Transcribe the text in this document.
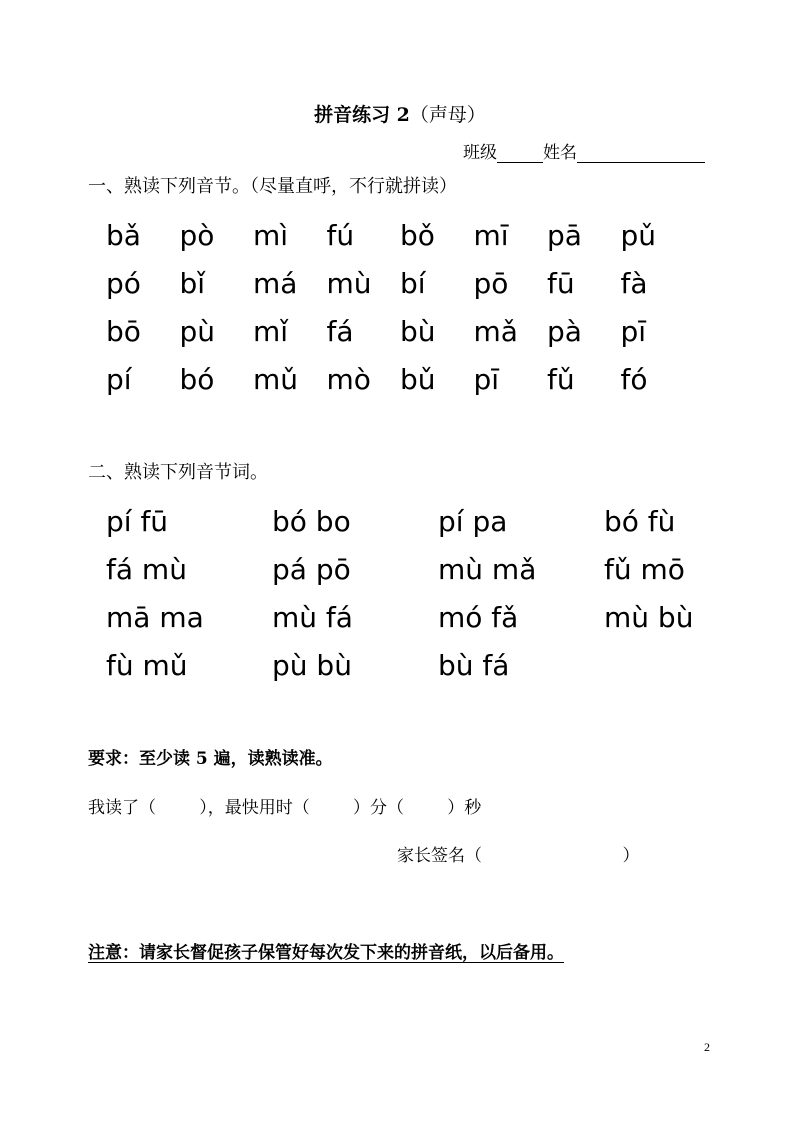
拼音练习 2（声母）
班级	姓名
一、熟读下列音节。（尽量直呼，不行就拼读）
bǎ	pò	mì	fú	bǒ	mī	pā	pǔ
pó	bǐ	má	mù	bí	pō	fū	fà
bō	pù	mǐ	fá	bù	mǎ	pà	pī
pí	bó	mǔ	mò	bǔ	pī	fǔ	fó
二、熟读下列音节词。
pí fū	bó bo	pí pa	bó fù
fá mù	pá pō	mù mǎ	fǔ mō
mā ma	mù fá	mó fǎ	mù bù
fù mǔ	pù bù	bù fá
要求：至少读 5 遍，读熟读准。
我读了（        ），最快用时（        ）分（        ）秒
家长签名（                          ）
注意：请家长督促孩子保管好每次发下来的拼音纸，以后备用。
2
